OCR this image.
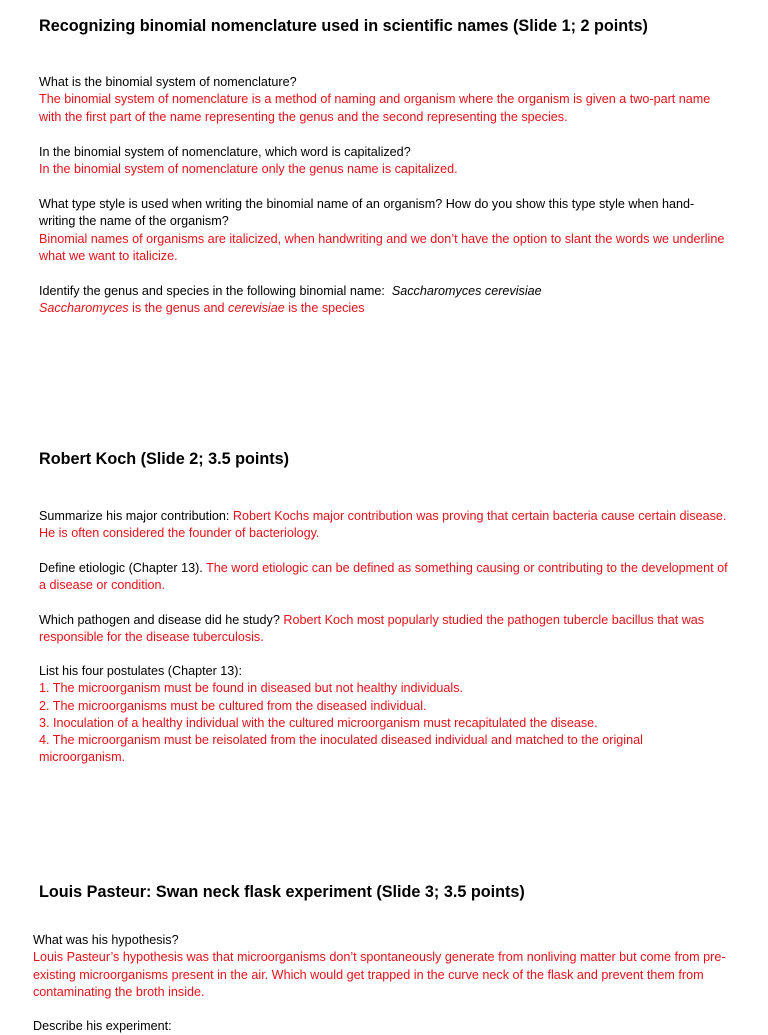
Recognizing binomial nomenclature used in scientific names (Slide 1; 2 points)
What is the binomial system of nomenclature?
The binomial system of nomenclature is a method of naming and organism where the organism is given a two-part name with the first part of the name representing the genus and the second representing the species.
In the binomial system of nomenclature, which word is capitalized?
In the binomial system of nomenclature only the genus name is capitalized.
What type style is used when writing the binomial name of an organism? How do you show this type style when hand-writing the name of the organism?
Binomial names of organisms are italicized, when handwriting and we don’t have the option to slant the words we underline what we want to italicize.
Identify the genus and species in the following binomial name: Saccharomyces cerevisiae
Saccharomyces is the genus and cerevisiae is the species
Robert Koch (Slide 2; 3.5 points)
Summarize his major contribution: Robert Kochs major contribution was proving that certain bacteria cause certain disease. He is often considered the founder of bacteriology.
Define etiologic (Chapter 13). The word etiologic can be defined as something causing or contributing to the development of a disease or condition.
Which pathogen and disease did he study? Robert Koch most popularly studied the pathogen tubercle bacillus that was responsible for the disease tuberculosis.
List his four postulates (Chapter 13):
1. The microorganism must be found in diseased but not healthy individuals.
2. The microorganisms must be cultured from the diseased individual.
3. Inoculation of a healthy individual with the cultured microorganism must recapitulated the disease.
4. The microorganism must be reisolated from the inoculated diseased individual and matched to the original microorganism.
Louis Pasteur: Swan neck flask experiment (Slide 3; 3.5 points)
What was his hypothesis?
Louis Pasteur’s hypothesis was that microorganisms don’t spontaneously generate from nonliving matter but come from pre-existing microorganisms present in the air. Which would get trapped in the curve neck of the flask and prevent them from contaminating the broth inside.
Describe his experiment:
